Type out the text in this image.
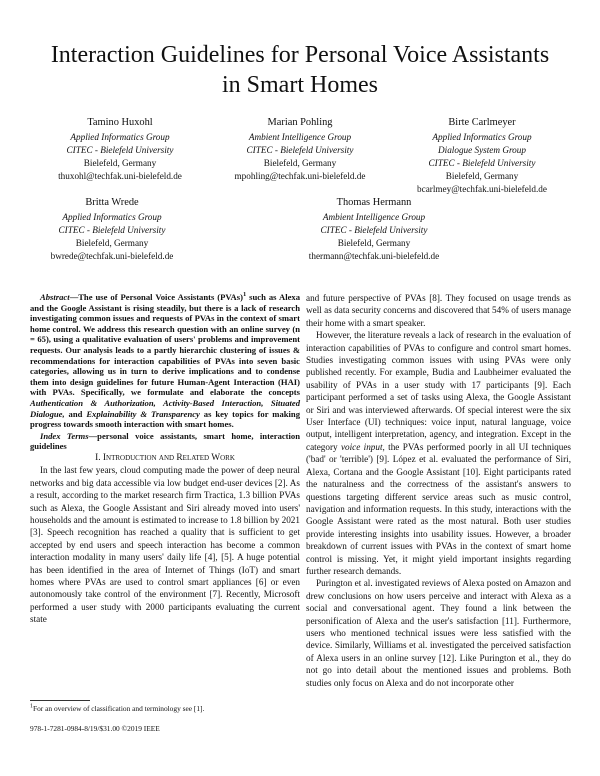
Interaction Guidelines for Personal Voice Assistants
in Smart Homes
Tamino Huxohl
Applied Informatics Group
CITEC - Bielefeld University
Bielefeld, Germany
thuxohl@techfak.uni-bielefeld.de
Marian Pohling
Ambient Intelligence Group
CITEC - Bielefeld University
Bielefeld, Germany
mpohling@techfak.uni-bielefeld.de
Birte Carlmeyer
Applied Informatics Group
Dialogue System Group
CITEC - Bielefeld University
Bielefeld, Germany
bcarlmey@techfak.uni-bielefeld.de
Britta Wrede
Applied Informatics Group
CITEC - Bielefeld University
Bielefeld, Germany
bwrede@techfak.uni-bielefeld.de
Thomas Hermann
Ambient Intelligence Group
CITEC - Bielefeld University
Bielefeld, Germany
thermann@techfak.uni-bielefeld.de

Abstract—The use of Personal Voice Assistants (PVAs)$^1$ such as Alexa and the Google Assistant is rising steadily, but there is a lack of research investigating common issues and requests of PVAs in the context of smart home control. We address this research question with an online survey (n = 65), using a qualitative evaluation of users' problems and improvement requests. Our analysis leads to a partly hierarchic clustering of issues & recommendations for interaction capabilities of PVAs into seven basic categories, allowing us in turn to derive implications and to condense them into design guidelines for future Human-Agent Interaction (HAI) with PVAs. Specifically, we formulate and elaborate the concepts Authentication & Authorization, Activity-Based Interaction, Situated Dialogue, and Explainability & Transparency as key topics for making progress towards smooth interaction with smart homes.

Index Terms—personal voice assistants, smart home, interaction guidelines

I. Introduction and Related Work

In the last few years, cloud computing made the power of deep neural networks and big data accessible via low budget end-user devices [2]. As a result, according to the market research firm Tractica, 1.3 billion PVAs such as Alexa, the Google Assistant and Siri already moved into users' households and the amount is estimated to increase to 1.8 billion by 2021 [3]. Speech recognition has reached a quality that is sufficient to get accepted by end users and speech interaction has become a common interaction modality in many users' daily life [4], [5]. A huge potential has been identified in the area of Internet of Things (IoT) and smart homes where PVAs are used to control smart appliances [6] or even autonomously take control of the environment [7]. Recently, Microsoft performed a user study with 2000 participants evaluating the current state

$^1$For an overview of classification and terminology see [1].
978-1-7281-0984-8/19/$31.00 ©2019 IEEE

and future perspective of PVAs [8]. They focused on usage trends as well as data security concerns and discovered that 54% of users manage their home with a smart speaker.

However, the literature reveals a lack of research in the evaluation of interaction capabilities of PVAs to configure and control smart homes. Studies investigating common issues with using PVAs were only published recently. For example, Budia and Laubheimer evaluated the usability of PVAs in a user study with 17 participants [9]. Each participant performed a set of tasks using Alexa, the Google Assistant or Siri and was interviewed afterwards. Of special interest were the six User Interface (UI) techniques: voice input, natural language, voice output, intelligent interpretation, agency, and integration. Except in the category voice input, the PVAs performed poorly in all UI techniques ('bad' or 'terrible') [9]. López et al. evaluated the performance of Siri, Alexa, Cortana and the Google Assistant [10]. Eight participants rated the naturalness and the correctness of the assistant's answers to questions targeting different service areas such as music control, navigation and information requests. In this study, interactions with the Google Assistant were rated as the most natural. Both user studies provide interesting insights into usability issues. However, a broader breakdown of current issues with PVAs in the context of smart home control is missing. Yet, it might yield important insights regarding further research demands.

Purington et al. investigated reviews of Alexa posted on Amazon and drew conclusions on how users perceive and interact with Alexa as a social and conversational agent. They found a link between the personification of Alexa and the user's satisfaction [11]. Furthermore, users who mentioned technical issues were less satisfied with the device. Similarly, Williams et al. investigated the perceived satisfaction of Alexa users in an online survey [12]. Like Purington et al., they do not go into detail about the mentioned issues and problems. Both studies only focus on Alexa and do not incorporate other
